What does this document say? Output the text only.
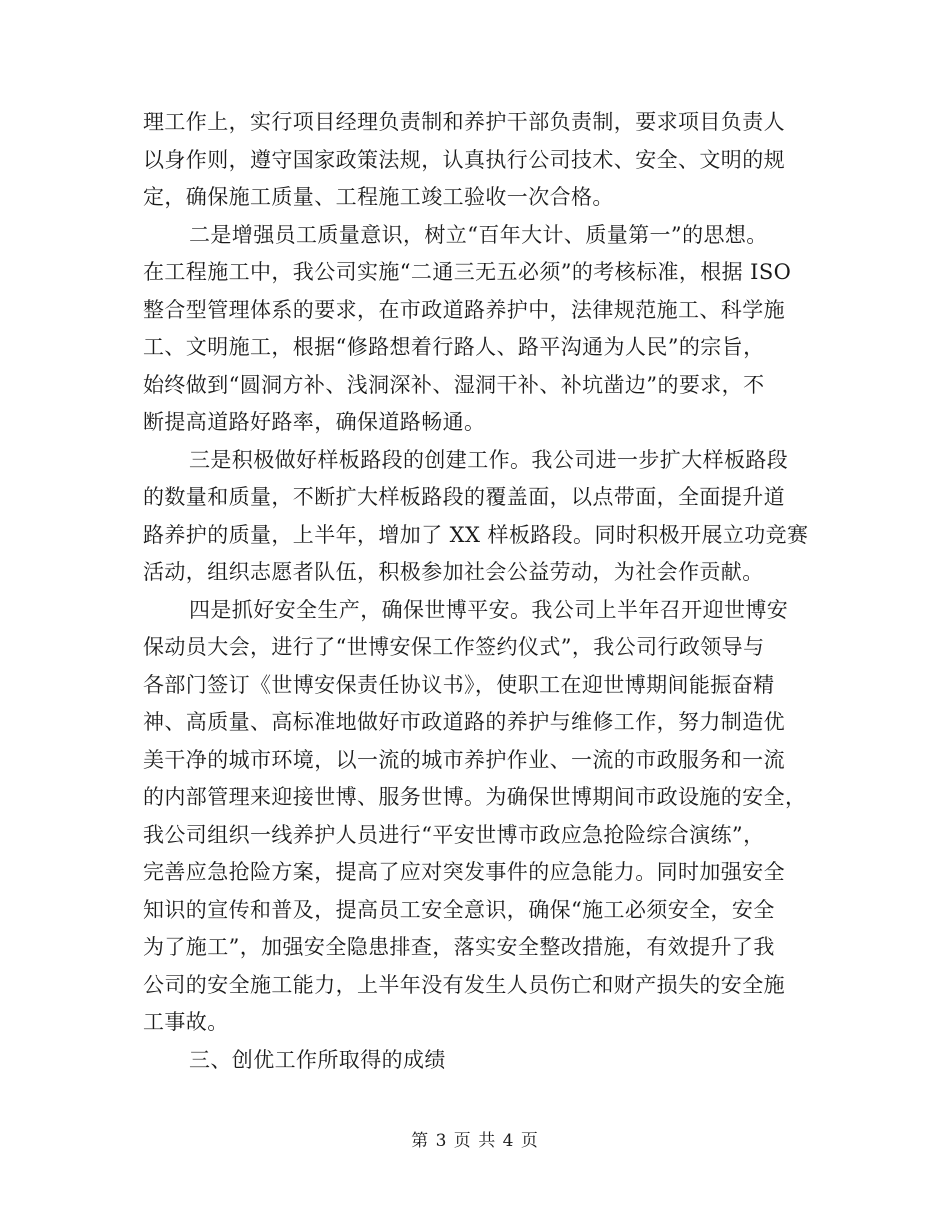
理工作上，实行项目经理负责制和养护干部负责制，要求项目负责人
以身作则，遵守国家政策法规，认真执行公司技术、安全、文明的规
定，确保施工质量、工程施工竣工验收一次合格。

二是增强员工质量意识，树立“百年大计、质量第一”的思想。
在工程施工中，我公司实施“二通三无五必须”的考核标准，根据 ISO
整合型管理体系的要求，在市政道路养护中，法律规范施工、科学施
工、文明施工，根据“修路想着行路人、路平沟通为人民”的宗旨，
始终做到“圆洞方补、浅洞深补、湿洞干补、补坑凿边”的要求，不
断提高道路好路率，确保道路畅通。

三是积极做好样板路段的创建工作。我公司进一步扩大样板路段
的数量和质量，不断扩大样板路段的覆盖面，以点带面，全面提升道
路养护的质量，上半年，增加了 XX 样板路段。同时积极开展立功竞赛
活动，组织志愿者队伍，积极参加社会公益劳动，为社会作贡献。

四是抓好安全生产，确保世博平安。我公司上半年召开迎世博安
保动员大会，进行了“世博安保工作签约仪式”，我公司行政领导与
各部门签订《世博安保责任协议书》，使职工在迎世博期间能振奋精
神、高质量、高标准地做好市政道路的养护与维修工作，努力制造优
美干净的城市环境，以一流的城市养护作业、一流的市政服务和一流
的内部管理来迎接世博、服务世博。为确保世博期间市政设施的安全，
我公司组织一线养护人员进行“平安世博市政应急抢险综合演练”，
完善应急抢险方案，提高了应对突发事件的应急能力。同时加强安全
知识的宣传和普及，提高员工安全意识，确保“施工必须安全，安全
为了施工”，加强安全隐患排查，落实安全整改措施，有效提升了我
公司的安全施工能力，上半年没有发生人员伤亡和财产损失的安全施
工事故。

三、创优工作所取得的成绩

第 3 页 共 4 页
